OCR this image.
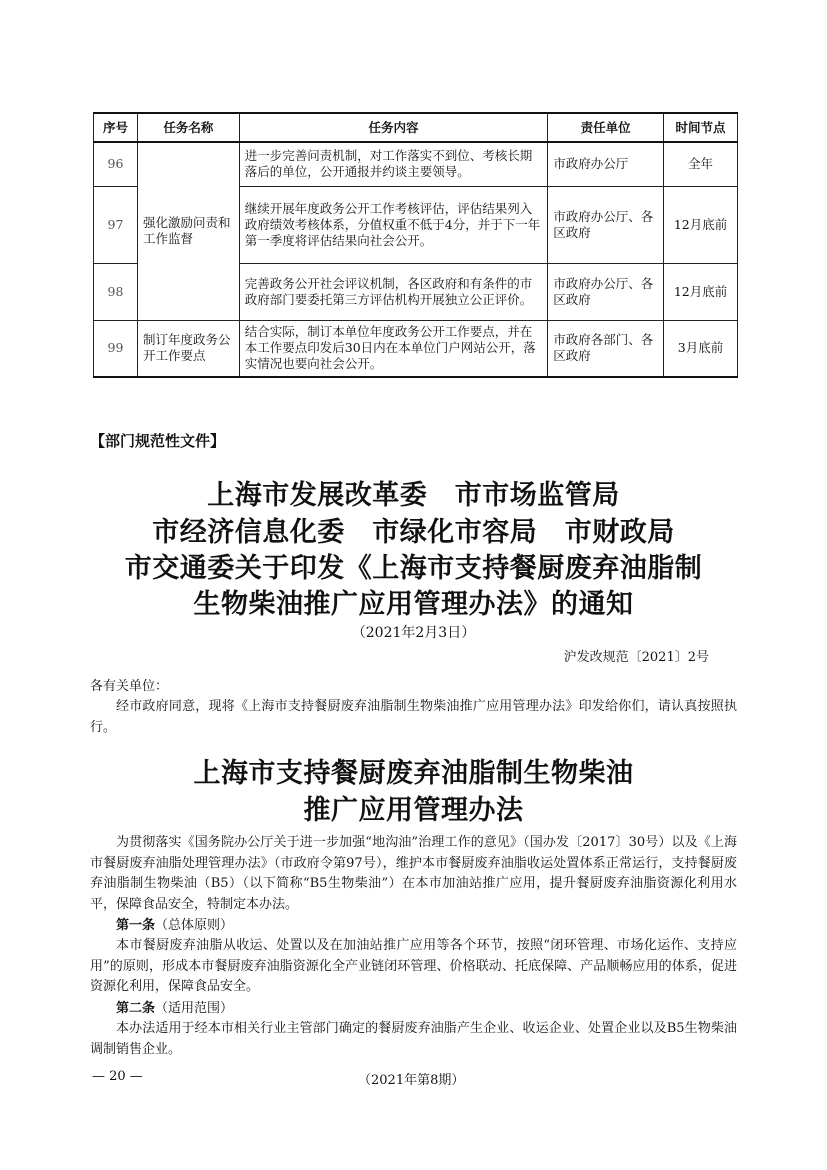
序号	任务名称	任务内容	责任单位	时间节点
96	强化激励问责和工作监督	进一步完善问责机制，对工作落实不到位、考核长期落后的单位，公开通报并约谈主要领导。	市政府办公厅	全年
97		继续开展年度政务公开工作考核评估，评估结果列入政府绩效考核体系，分值权重不低于4分，并于下一年第一季度将评估结果向社会公开。	市政府办公厅、各区政府	12月底前
98		完善政务公开社会评议机制，各区政府和有条件的市政府部门要委托第三方评估机构开展独立公正评价。	市政府办公厅、各区政府	12月底前
99	制订年度政务公开工作要点	结合实际，制订本单位年度政务公开工作要点，并在本工作要点印发后30日内在本单位门户网站公开，落实情况也要向社会公开。	市政府各部门、各区政府	3月底前
【部门规范性文件】
上海市发展改革委　市市场监管局
市经济信息化委　市绿化市容局　市财政局
市交通委关于印发《上海市支持餐厨废弃油脂制
生物柴油推广应用管理办法》的通知
（2021年2月3日）
沪发改规范〔2021〕2号
各有关单位：
经市政府同意，现将《上海市支持餐厨废弃油脂制生物柴油推广应用管理办法》印发给你们，请认真按照执行。
上海市支持餐厨废弃油脂制生物柴油
推广应用管理办法
为贯彻落实《国务院办公厅关于进一步加强“地沟油”治理工作的意见》（国办发〔2017〕30号）以及《上海市餐厨废弃油脂处理管理办法》（市政府令第97号），维护本市餐厨废弃油脂收运处置体系正常运行，支持餐厨废弃油脂制生物柴油（B5）（以下简称“B5生物柴油”）在本市加油站推广应用，提升餐厨废弃油脂资源化利用水平，保障食品安全，特制定本办法。
第一条（总体原则）
本市餐厨废弃油脂从收运、处置以及在加油站推广应用等各个环节，按照“闭环管理、市场化运作、支持应用”的原则，形成本市餐厨废弃油脂资源化全产业链闭环管理、价格联动、托底保障、产品顺畅应用的体系，促进资源化利用，保障食品安全。
第二条（适用范围）
本办法适用于经本市相关行业主管部门确定的餐厨废弃油脂产生企业、收运企业、处置企业以及B5生物柴油调制销售企业。
— 20 —	（2021年第8期）
